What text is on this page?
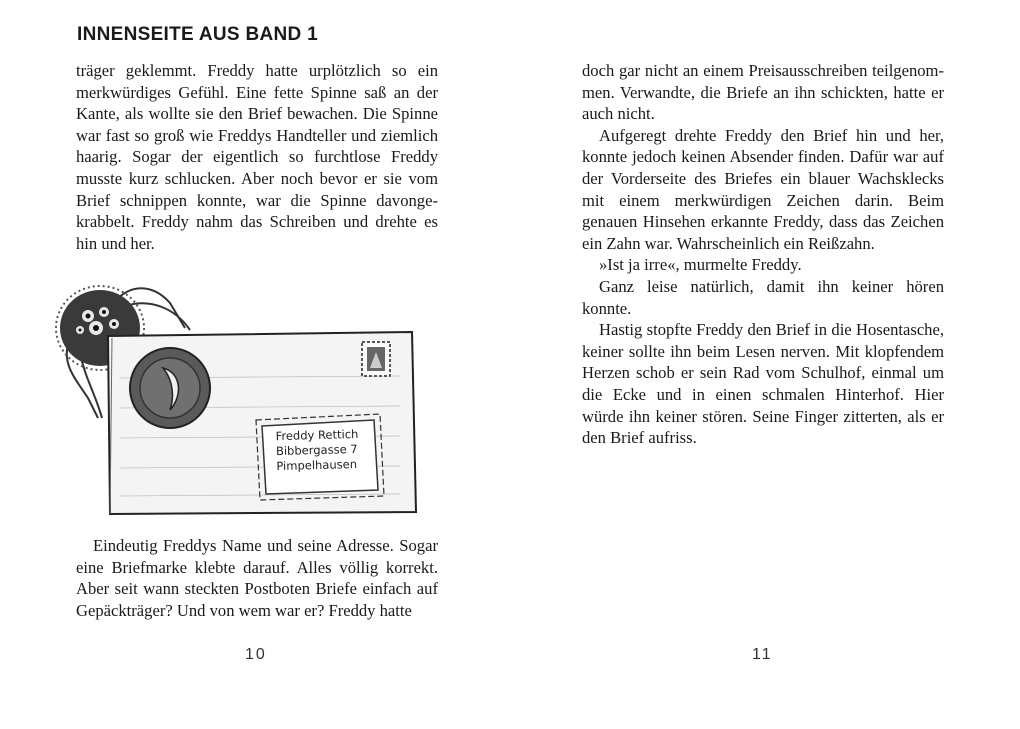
INNENSEITE AUS BAND 1

träger geklemmt. Freddy hatte urplötzlich so ein merkwürdiges Gefühl. Eine fette Spinne saß an der Kante, als wollte sie den Brief bewachen. Die Spinne war fast so groß wie Freddys Handteller und ziemlich haarig. Sogar der eigentlich so furchtlose Freddy musste kurz schlucken. Aber noch bevor er sie vom Brief schnippen konnte, war die Spinne davongekrabbelt. Freddy nahm das Schreiben und drehte es hin und her.

Freddy Rettich
Bibbergasse 7
Pimpelhausen

Eindeutig Freddys Name und seine Adresse. Sogar eine Briefmarke klebte darauf. Alles völlig korrekt. Aber seit wann steckten Postboten Briefe einfach auf Gepäckträger? Und von wem war er? Freddy hatte

10

doch gar nicht an einem Preisausschreiben teilgenommen. Verwandte, die Briefe an ihn schickten, hatte er auch nicht.

Aufgeregt drehte Freddy den Brief hin und her, konnte jedoch keinen Absender finden. Dafür war auf der Vorderseite des Briefes ein blauer Wachsklecks mit einem merkwürdigen Zeichen darin. Beim genauen Hinsehen erkannte Freddy, dass das Zeichen ein Zahn war. Wahrscheinlich ein Reißzahn.

»Ist ja irre«, murmelte Freddy.

Ganz leise natürlich, damit ihn keiner hören konnte.

Hastig stopfte Freddy den Brief in die Hosentasche, keiner sollte ihn beim Lesen nerven. Mit klopfendem Herzen schob er sein Rad vom Schulhof, einmal um die Ecke und in einen schmalen Hinterhof. Hier würde ihn keiner stören. Seine Finger zitterten, als er den Brief aufriss.

11
